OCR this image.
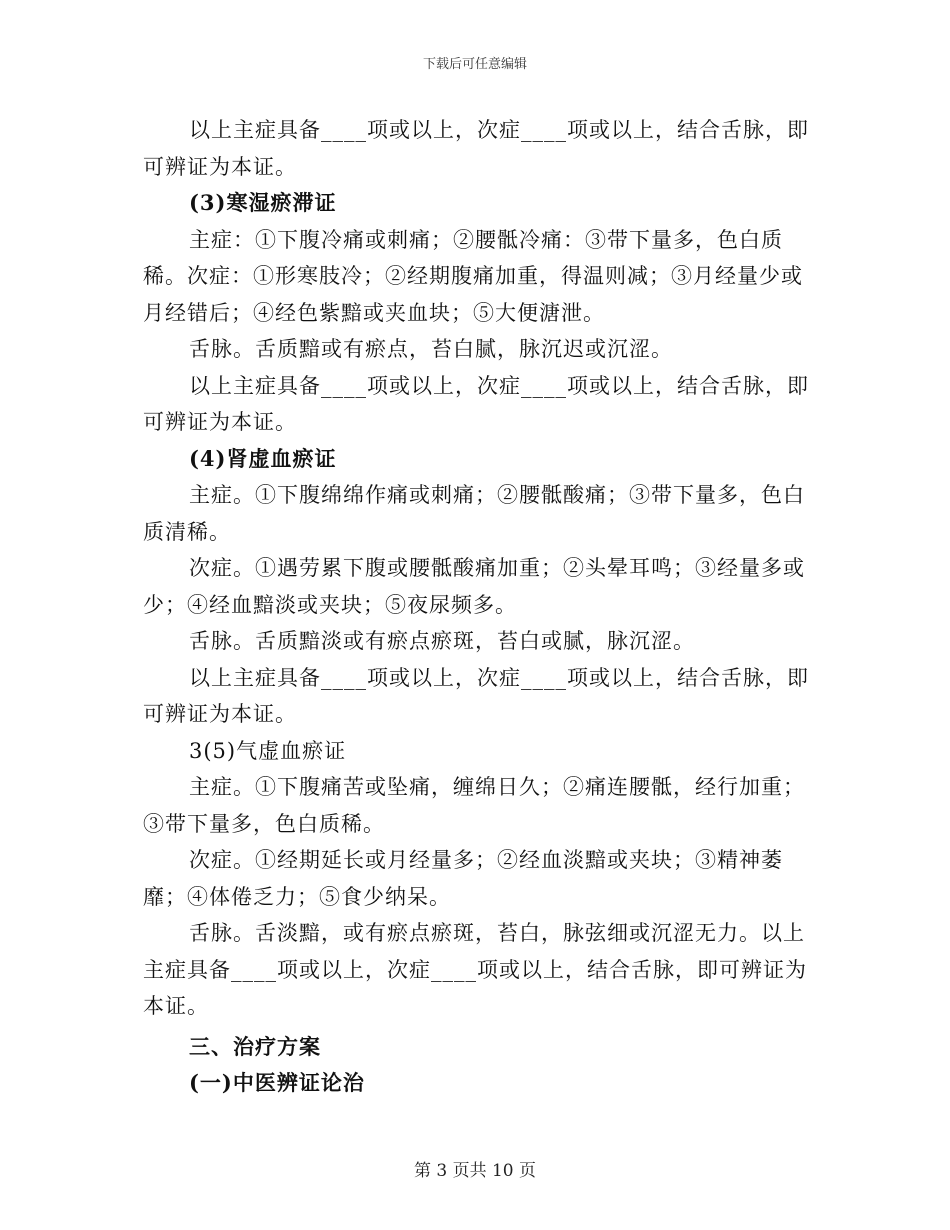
下载后可任意编辑

以上主症具备____项或以上，次症____项或以上，结合舌脉，即可辨证为本证。

(3)寒湿瘀滞证

主症：①下腹冷痛或刺痛；②腰骶冷痛：③带下量多，色白质稀。次症：①形寒肢冷；②经期腹痛加重，得温则减；③月经量少或月经错后；④经色紫黯或夹血块；⑤大便溏泄。

舌脉。舌质黯或有瘀点，苔白腻，脉沉迟或沉涩。

以上主症具备____项或以上，次症____项或以上，结合舌脉，即可辨证为本证。

(4)肾虚血瘀证

主症。①下腹绵绵作痛或刺痛；②腰骶酸痛；③带下量多，色白质清稀。

次症。①遇劳累下腹或腰骶酸痛加重；②头晕耳鸣；③经量多或少；④经血黯淡或夹块；⑤夜尿频多。

舌脉。舌质黯淡或有瘀点瘀斑，苔白或腻，脉沉涩。

以上主症具备____项或以上，次症____项或以上，结合舌脉，即可辨证为本证。

3(5)气虚血瘀证

主症。①下腹痛苦或坠痛，缠绵日久；②痛连腰骶，经行加重；③带下量多，色白质稀。

次症。①经期延长或月经量多；②经血淡黯或夹块；③精神萎靡；④体倦乏力；⑤食少纳呆。

舌脉。舌淡黯，或有瘀点瘀斑，苔白，脉弦细或沉涩无力。以上主症具备____项或以上，次症____项或以上，结合舌脉，即可辨证为本证。

三、治疗方案

(一)中医辨证论治

第 3 页共 10 页
